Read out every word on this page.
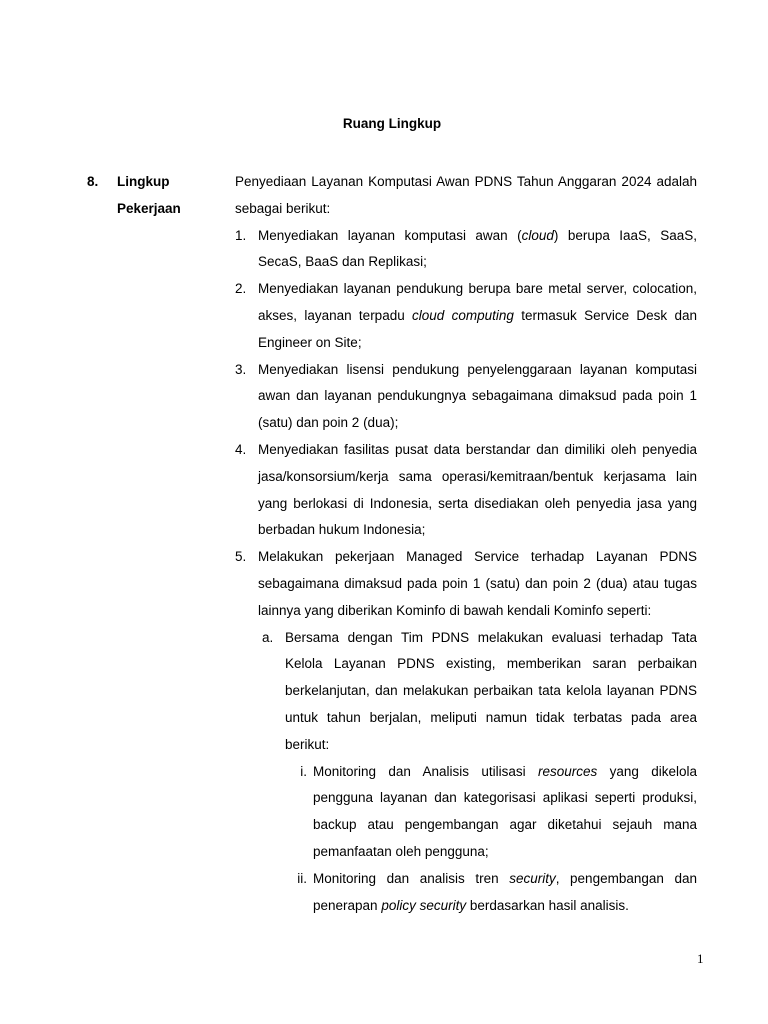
Ruang Lingkup
8. Lingkup
Pekerjaan

Penyediaan Layanan Komputasi Awan PDNS Tahun Anggaran 2024 adalah sebagai berikut:

1. Menyediakan layanan komputasi awan (cloud) berupa IaaS, SaaS, SecaS, BaaS dan Replikasi;
2. Menyediakan layanan pendukung berupa bare metal server, colocation, akses, layanan terpadu cloud computing termasuk Service Desk dan Engineer on Site;
3. Menyediakan lisensi pendukung penyelenggaraan layanan komputasi awan dan layanan pendukungnya sebagaimana dimaksud pada poin 1 (satu) dan poin 2 (dua);
4. Menyediakan fasilitas pusat data berstandar dan dimiliki oleh penyedia jasa/konsorsium/kerja sama operasi/kemitraan/bentuk kerjasama lain yang berlokasi di Indonesia, serta disediakan oleh penyedia jasa yang berbadan hukum Indonesia;
5. Melakukan pekerjaan Managed Service terhadap Layanan PDNS sebagaimana dimaksud pada poin 1 (satu) dan poin 2 (dua) atau tugas lainnya yang diberikan Kominfo di bawah kendali Kominfo seperti:
a. Bersama dengan Tim PDNS melakukan evaluasi terhadap Tata Kelola Layanan PDNS existing, memberikan saran perbaikan berkelanjutan, dan melakukan perbaikan tata kelola layanan PDNS untuk tahun berjalan, meliputi namun tidak terbatas pada area berikut:
i. Monitoring dan Analisis utilisasi resources yang dikelola pengguna layanan dan kategorisasi aplikasi seperti produksi, backup atau pengembangan agar diketahui sejauh mana pemanfaatan oleh pengguna;
ii. Monitoring dan analisis tren security, pengembangan dan penerapan policy security berdasarkan hasil analisis.
1
